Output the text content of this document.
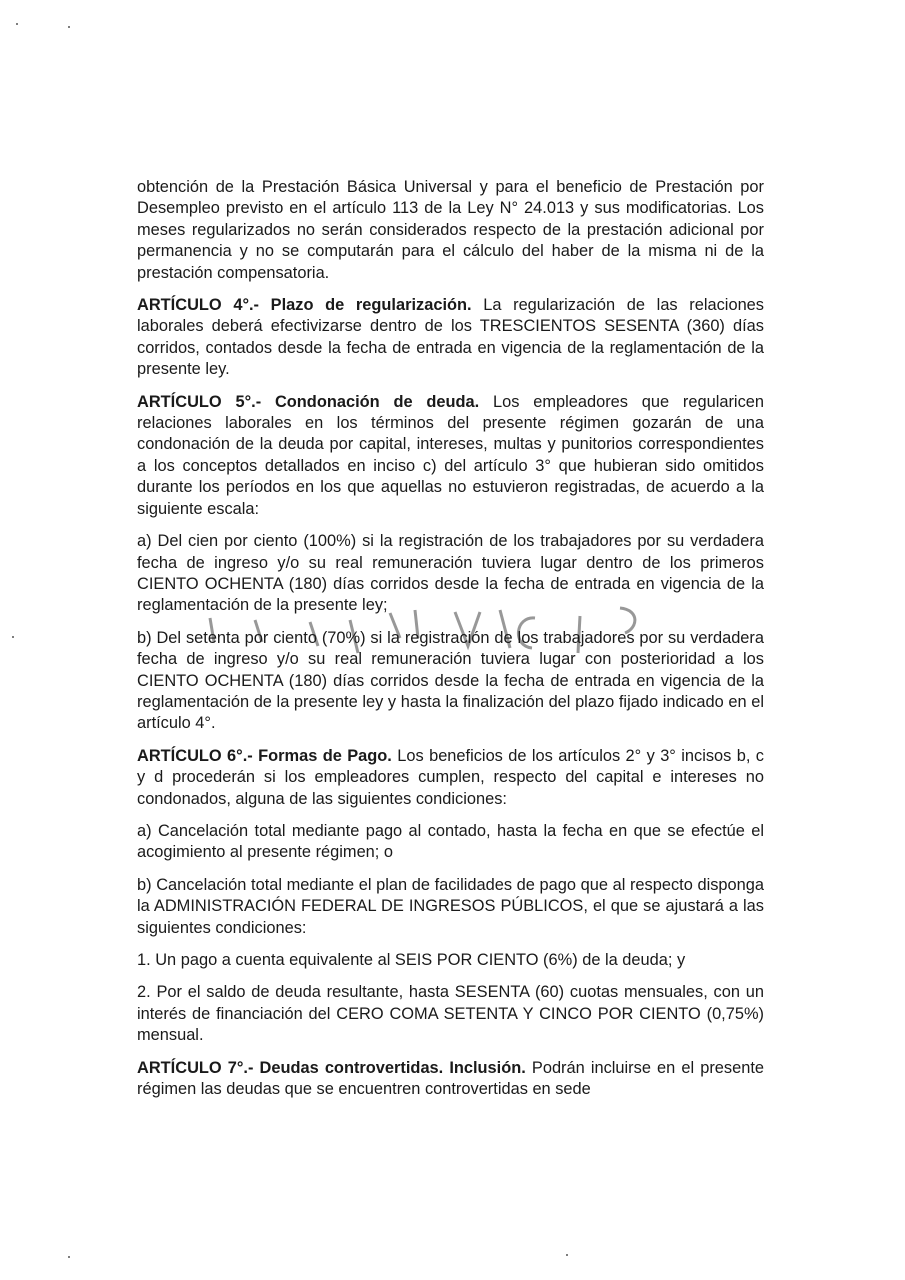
obtención de la Prestación Básica Universal y para el beneficio de Prestación por Desempleo previsto en el artículo 113 de la Ley N° 24.013 y sus modificatorias. Los meses regularizados no serán considerados respecto de la prestación adicional por permanencia y no se computarán para el cálculo del haber de la misma ni de la prestación compensatoria.

ARTÍCULO 4°.- Plazo de regularización. La regularización de las relaciones laborales deberá efectivizarse dentro de los TRESCIENTOS SESENTA (360) días corridos, contados desde la fecha de entrada en vigencia de la reglamentación de la presente ley.

ARTÍCULO 5°.- Condonación de deuda. Los empleadores que regularicen relaciones laborales en los términos del presente régimen gozarán de una condonación de la deuda por capital, intereses, multas y punitorios correspondientes a los conceptos detallados en inciso c) del artículo 3° que hubieran sido omitidos durante los períodos en los que aquellas no estuvieron registradas, de acuerdo a la siguiente escala:

a) Del cien por ciento (100%) si la registración de los trabajadores por su verdadera fecha de ingreso y/o su real remuneración tuviera lugar dentro de los primeros CIENTO OCHENTA (180) días corridos desde la fecha de entrada en vigencia de la reglamentación de la presente ley;

b) Del setenta por ciento (70%) si la registración de los trabajadores por su verdadera fecha de ingreso y/o su real remuneración tuviera lugar con posterioridad a los CIENTO OCHENTA (180) días corridos desde la fecha de entrada en vigencia de la reglamentación de la presente ley y hasta la finalización del plazo fijado indicado en el artículo 4°.

ARTÍCULO 6°.- Formas de Pago. Los beneficios de los artículos 2° y 3° incisos b, c y d procederán si los empleadores cumplen, respecto del capital e intereses no condonados, alguna de las siguientes condiciones:

a) Cancelación total mediante pago al contado, hasta la fecha en que se efectúe el acogimiento al presente régimen; o

b) Cancelación total mediante el plan de facilidades de pago que al respecto disponga la ADMINISTRACIÓN FEDERAL DE INGRESOS PÚBLICOS, el que se ajustará a las siguientes condiciones:

1. Un pago a cuenta equivalente al SEIS POR CIENTO (6%) de la deuda; y

2. Por el saldo de deuda resultante, hasta SESENTA (60) cuotas mensuales, con un interés de financiación del CERO COMA SETENTA Y CINCO POR CIENTO (0,75%) mensual.

ARTÍCULO 7°.- Deudas controvertidas. Inclusión. Podrán incluirse en el presente régimen las deudas que se encuentren controvertidas en sede
